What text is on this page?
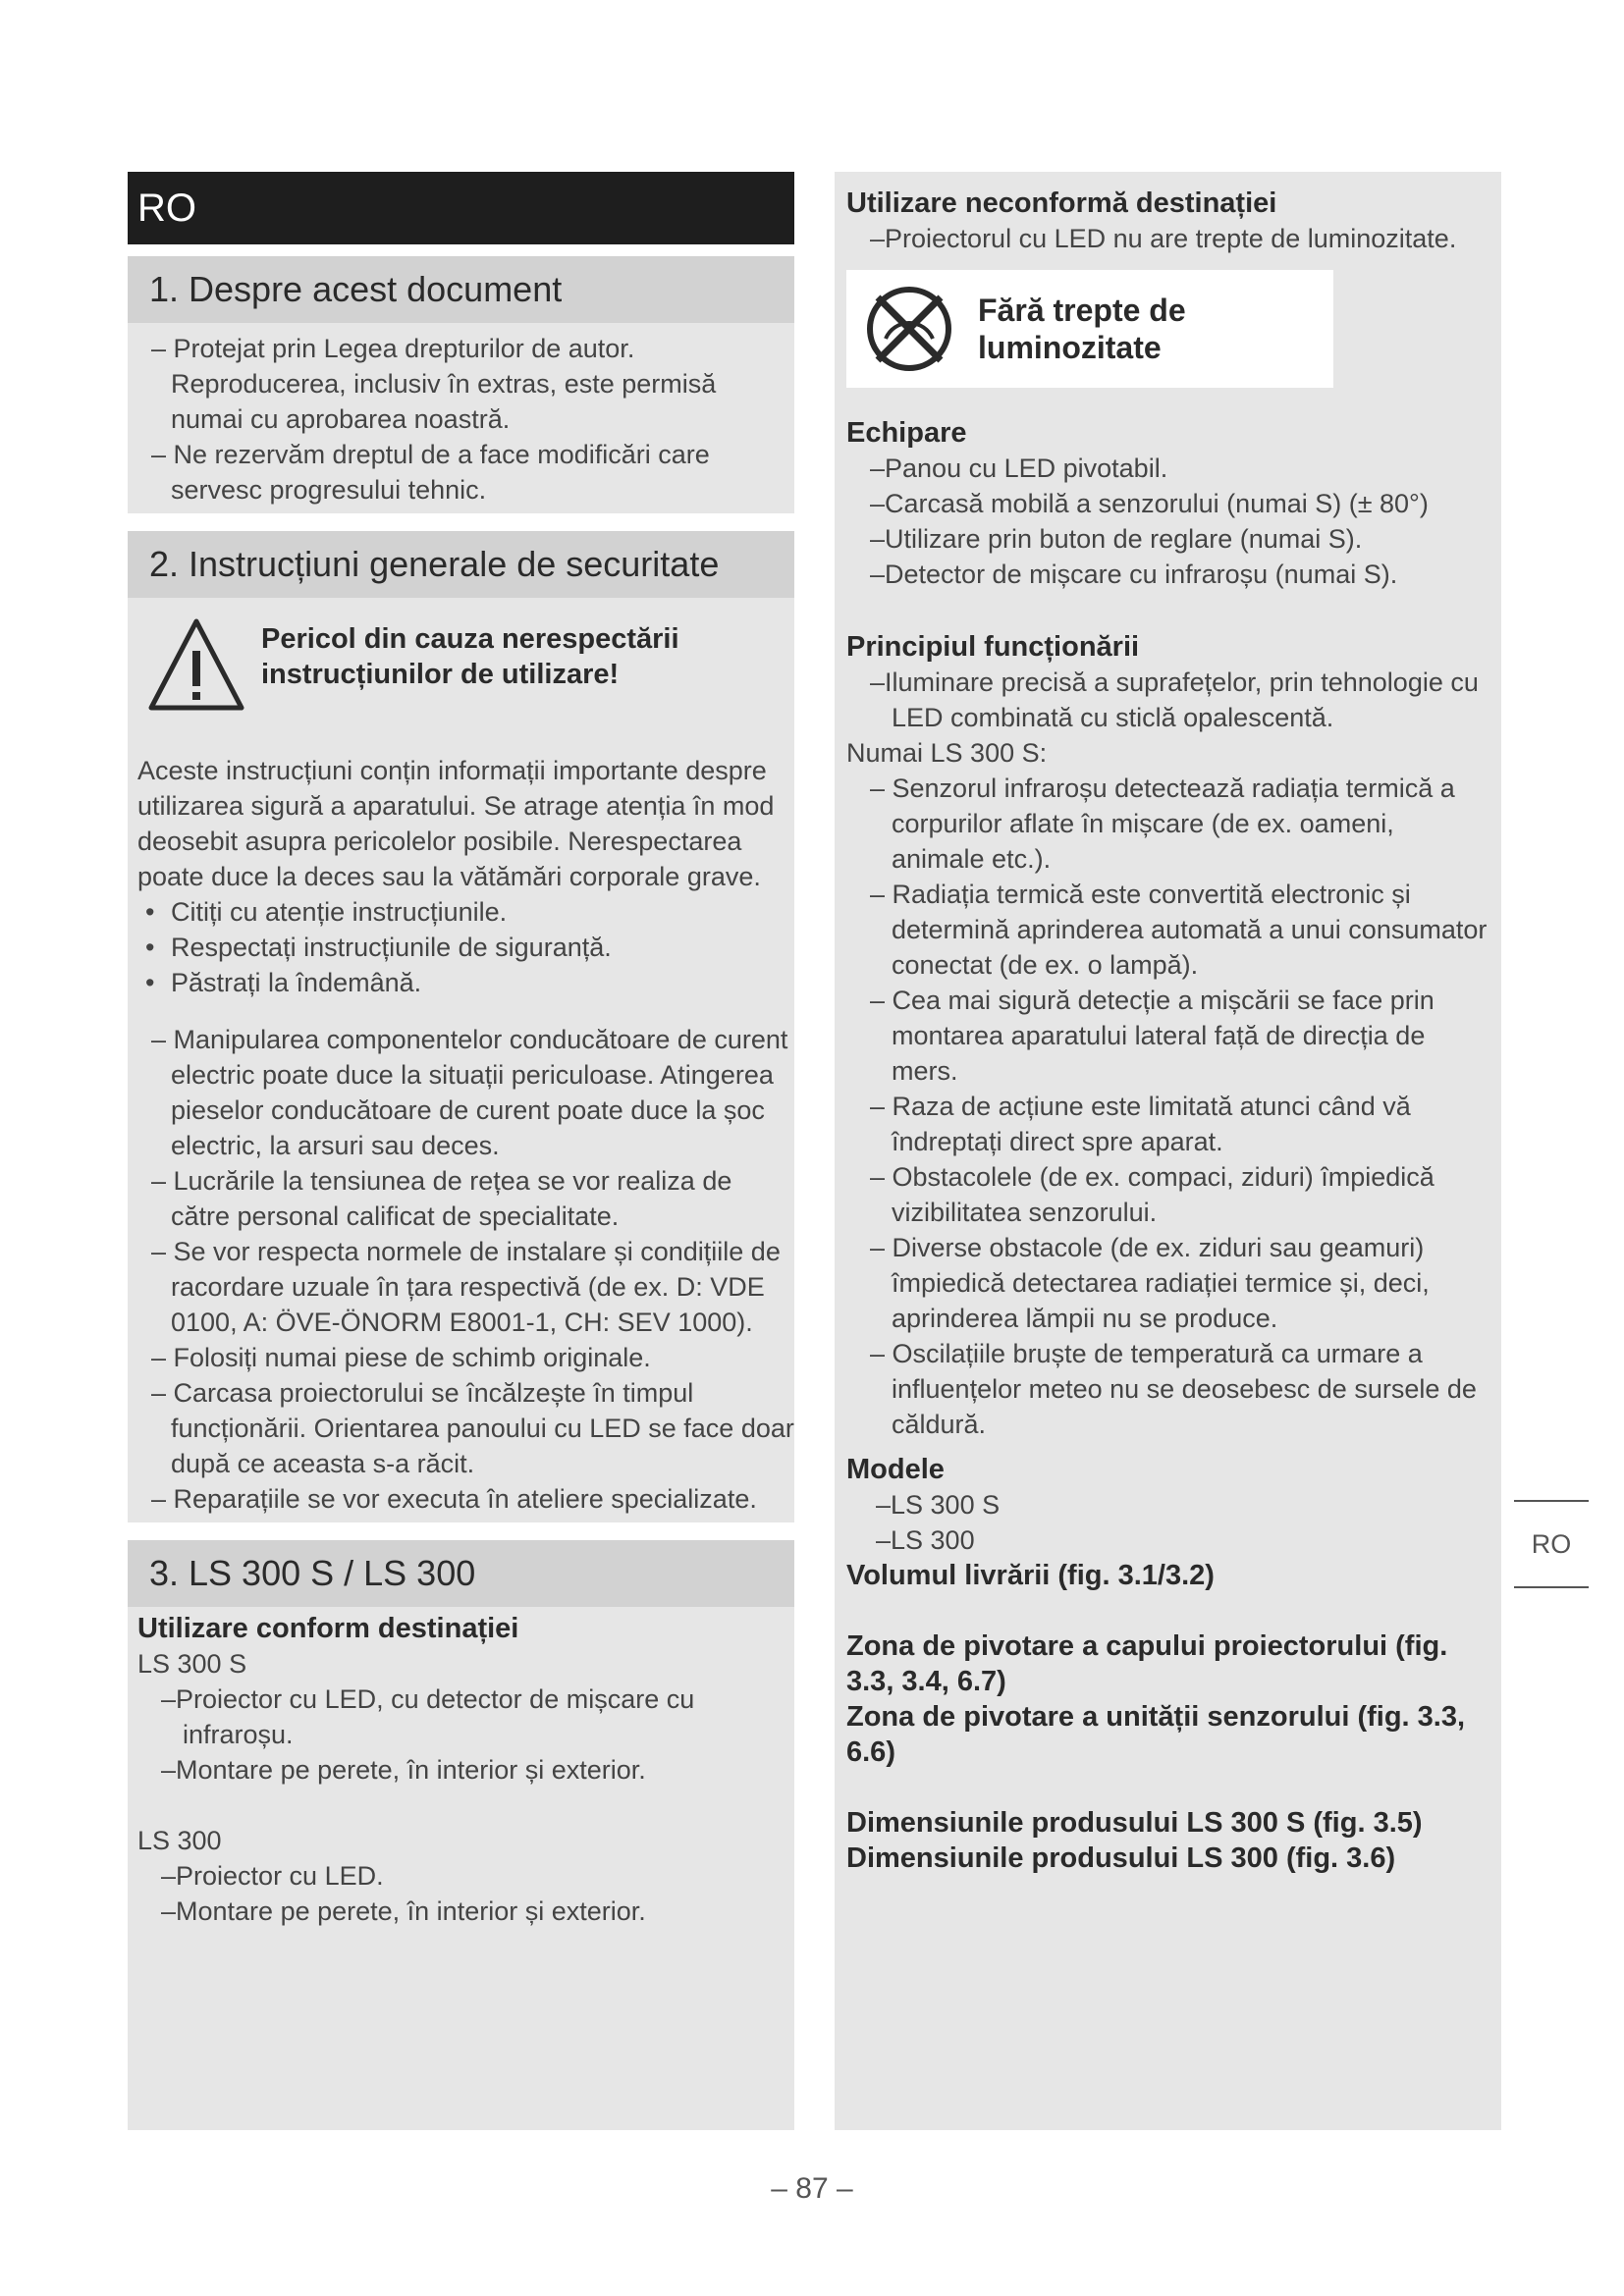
1. Despre acest document
– Protejat prin Legea drepturilor de autor. Reproducerea, inclusiv în extras, este permisă numai cu aprobarea noastră.
– Ne rezervăm dreptul de a face modificări care servesc progresului tehnic.
2. Instrucțiuni generale de securitate
Pericol din cauza nerespectării instrucțiunilor de utilizare!
Aceste instrucțiuni conțin informații importante despre utilizarea sigură a aparatului. Se atrage atenția în mod deosebit asupra pericolelor posibile. Nerespectarea poate duce la deces sau la vătămări corporale grave.
• Citiți cu atenție instrucțiunile.
• Respectați instrucțiunile de siguranță.
• Păstrați la îndemână.
– Manipularea componentelor conducătoare de curent electric poate duce la situații periculoase. Atingerea pieselor conducătoare de curent poate duce la șoc electric, la arsuri sau deces.
– Lucrările la tensiunea de rețea se vor realiza de către personal calificat de specialitate.
– Se vor respecta normele de instalare și condițiile de racordare uzuale în țara respectivă (de ex. D: VDE 0100, A: ÖVE-ÖNORM E8001-1, CH: SEV 1000).
– Folosiți numai piese de schimb originale.
– Carcasa proiectorului se încălzește în timpul funcționării. Orientarea panoului cu LED se face doar după ce aceasta s-a răcit.
– Reparațiile se vor executa în ateliere specializate.
3. LS 300 S / LS 300
Utilizare conform destinației
LS 300 S
–Proiector cu LED, cu detector de mișcare cu infraroșu.
–Montare pe perete, în interior și exterior.
LS 300
–Proiector cu LED.
–Montare pe perete, în interior și exterior.
RO	Utilizare neconformă destinației
–Proiectorul cu LED nu are trepte de luminozitate.
Fără trepte de luminozitate
Echipare
–Panou cu LED pivotabil.
–Carcasă mobilă a senzorului (numai S) (± 80°)
–Utilizare prin buton de reglare (numai S).
–Detector de mișcare cu infraroșu (numai S).
Principiul funcționării
–Iluminare precisă a suprafețelor, prin tehnologie cu LED combinată cu sticlă opalescentă.
Numai LS 300 S:
– Senzorul infraroșu detectează radiația termică a corpurilor aflate în mișcare (de ex. oameni, animale etc.).
– Radiația termică este convertită electronic și determină aprinderea automată a unui consumator conectat (de ex. o lampă).
– Cea mai sigură detecție a mișcării se face prin montarea aparatului lateral față de direcția de mers.
– Raza de acțiune este limitată atunci când vă îndreptați direct spre aparat.
– Obstacolele (de ex. compaci, ziduri) împiedică vizibilitatea senzorului.
– Diverse obstacole (de ex. ziduri sau geamuri) împiedică detectarea radiației termice și, deci, aprinderea lămpii nu se produce.
– Oscilațiile bruște de temperatură ca urmare a influențelor meteo nu se deosebesc de sursele de căldură.
Modele
–LS 300 S
–LS 300
Volumul livrării (fig. 3.1/3.2)
Zona de pivotare a capului proiectorului (fig. 3.3, 3.4, 6.7)
Zona de pivotare a unității senzorului (fig. 3.3, 6.6)
Dimensiunile produsului LS 300 S (fig. 3.5)
Dimensiunile produsului LS 300 (fig. 3.6)
RO
– 87 –
